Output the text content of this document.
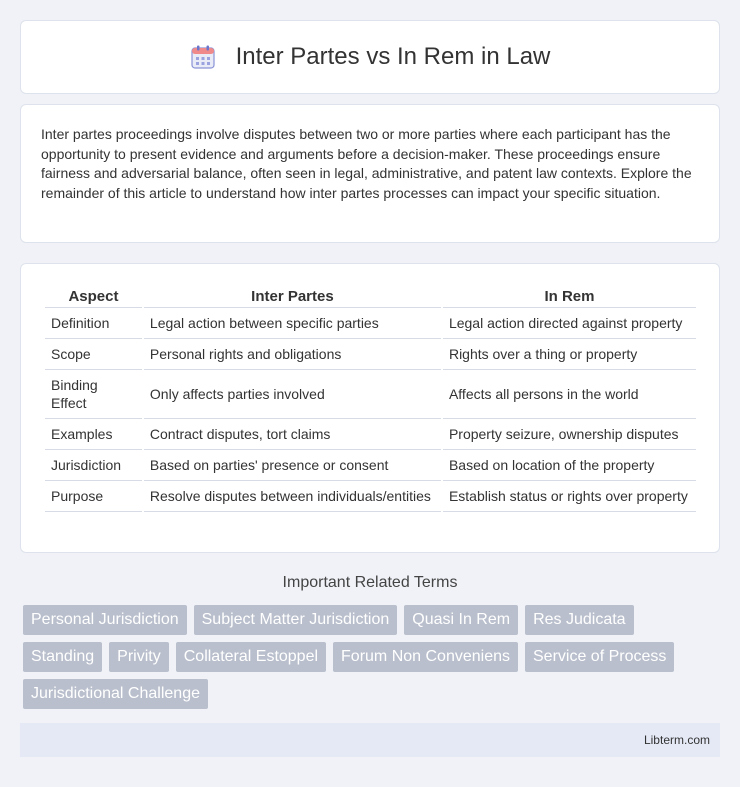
Inter Partes vs In Rem in Law

Inter partes proceedings involve disputes between two or more parties where each participant has the opportunity to present evidence and arguments before a decision-maker. These proceedings ensure fairness and adversarial balance, often seen in legal, administrative, and patent law contexts. Explore the remainder of this article to understand how inter partes processes can impact your specific situation.

Aspect	Inter Partes	In Rem
Definition	Legal action between specific parties	Legal action directed against property
Scope	Personal rights and obligations	Rights over a thing or property
Binding Effect	Only affects parties involved	Affects all persons in the world
Examples	Contract disputes, tort claims	Property seizure, ownership disputes
Jurisdiction	Based on parties' presence or consent	Based on location of the property
Purpose	Resolve disputes between individuals/entities	Establish status or rights over property
Important Related Terms
Personal Jurisdiction	Subject Matter Jurisdiction	Quasi In Rem	Res Judicata
Standing	Privity	Collateral Estoppel	Forum Non Conveniens	Service of Process
Jurisdictional Challenge
Libterm.com
